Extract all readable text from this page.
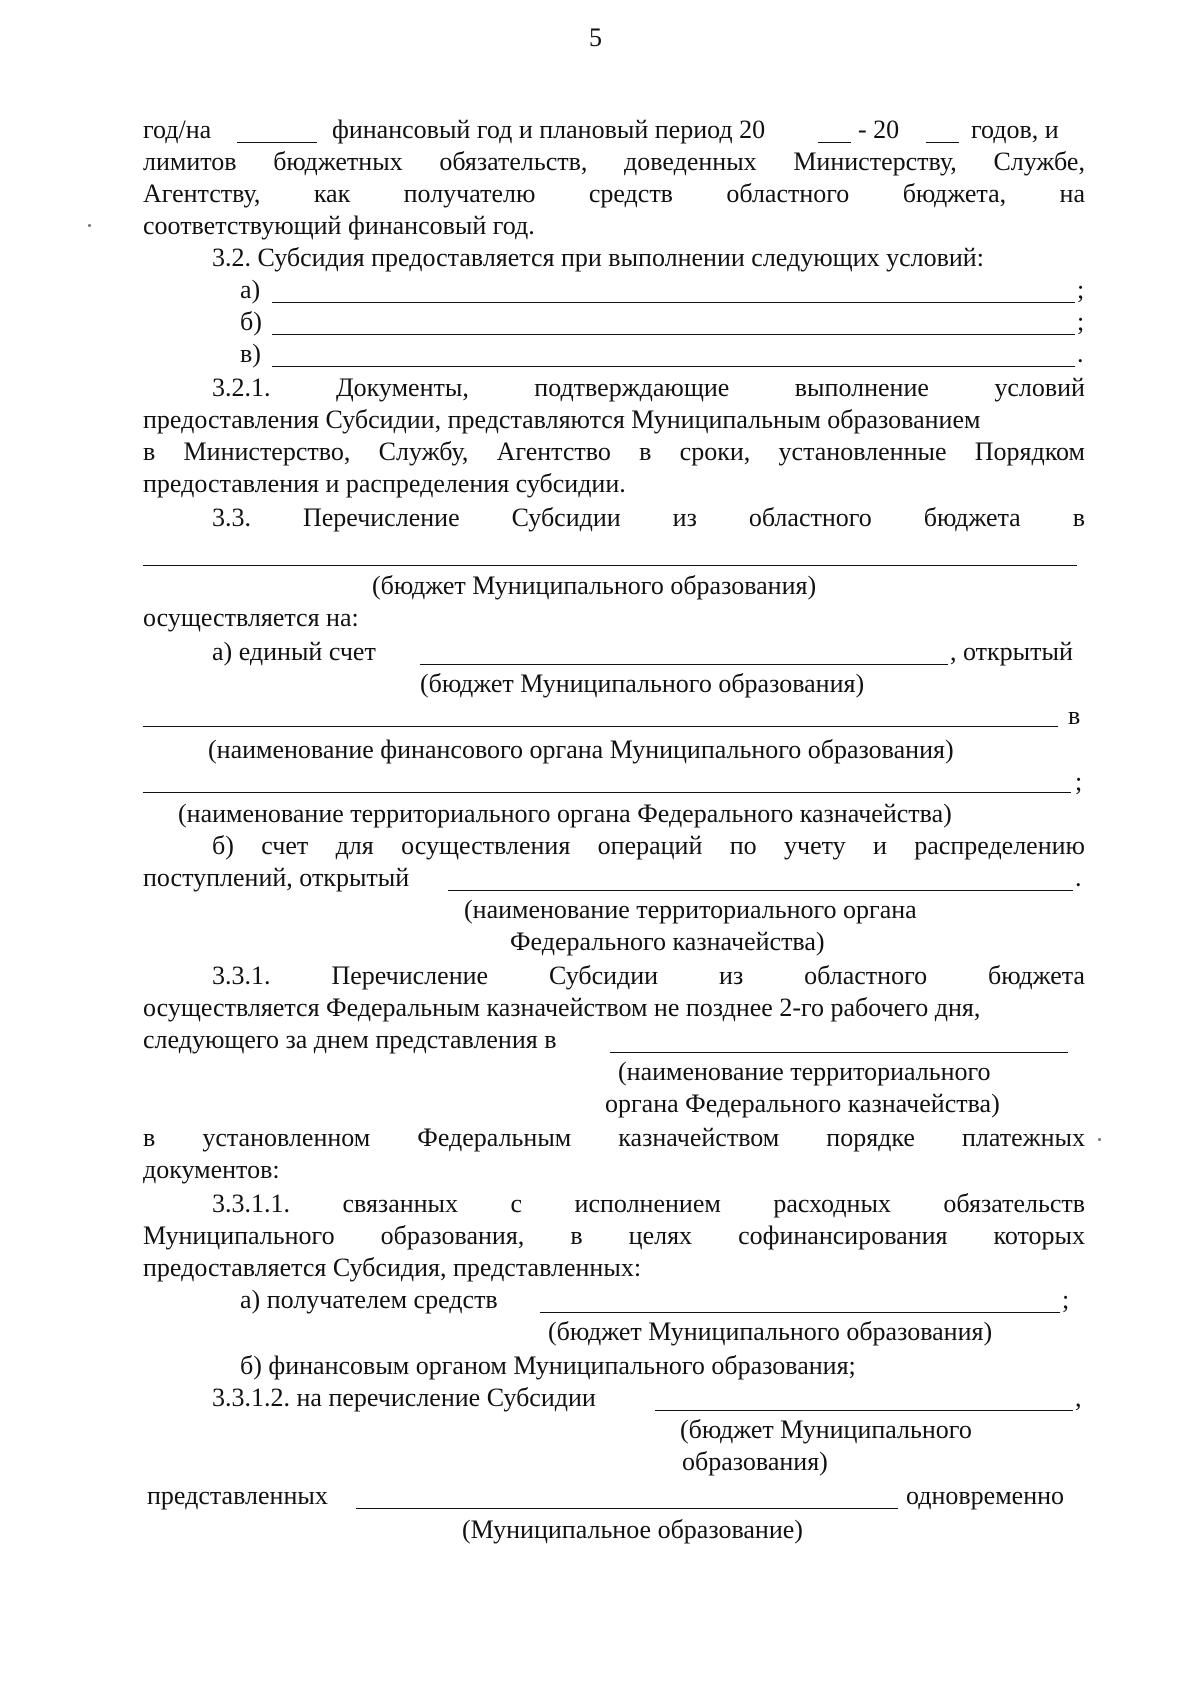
5
год/на	финансовый год и плановый период 20	- 20	годов, и
лимитов бюджетных обязательств, доведенных Министерству, Службе,
Агентству, как получателю средств областного бюджета, на
соответствующий финансовый год.
3.2. Субсидия предоставляется при выполнении следующих условий:
а)	;
б)	;
в)	.
3.2.1.	Документы,	подтверждающие	выполнение	условий
предоставления Субсидии, представляются Муниципальным образованием
в Министерство, Службу, Агентство в сроки, установленные Порядком
предоставления и распределения субсидии.
3.3. Перечисление Субсидии из областного бюджета в
(бюджет Муниципального образования)
осуществляется на:
а) единый счет	, открытый
(бюджет Муниципального образования)
в
(наименование финансового органа Муниципального образования)
;
(наименование территориального органа Федерального казначейства)
б) счет для осуществления операций по учету и распределению
поступлений, открытый	.
(наименование территориального органа
Федерального казначейства)
3.3.1. Перечисление Субсидии из областного бюджета
осуществляется Федеральным казначейством не позднее 2-го рабочего дня,
следующего за днем представления в
(наименование территориального
органа Федерального казначейства)
в установленном Федеральным казначейством порядке платежных
документов:
3.3.1.1. связанных с исполнением расходных обязательств
Муниципального образования, в целях софинансирования которых
предоставляется Субсидия, представленных:
а) получателем средств	;
(бюджет Муниципального образования)
б) финансовым органом Муниципального образования;
3.3.1.2. на перечисление Субсидии	,
(бюджет Муниципального
образования)
представленных	одновременно
(Муниципальное образование)
